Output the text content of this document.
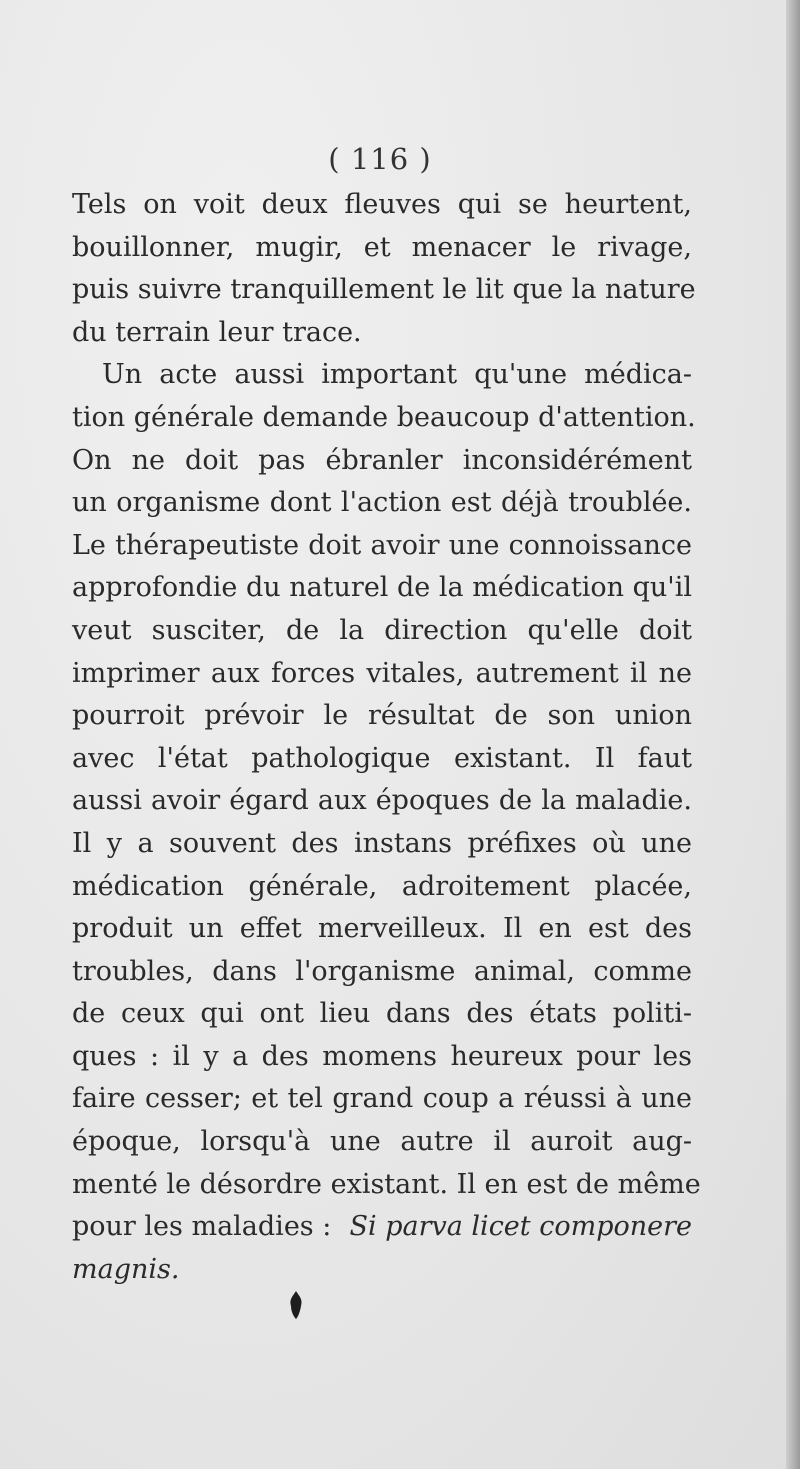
( 116 )
Tels on voit deux fleuves qui se heurtent,
bouillonner, mugir, et menacer le rivage,
puis suivre tranquillement le lit que la nature
du terrain leur trace.
Un acte aussi important qu'une médica-
tion générale demande beaucoup d'attention.
On ne doit pas ébranler inconsidérément
un organisme dont l'action est déjà troublée.
Le thérapeutiste doit avoir une connoissance
approfondie du naturel de la médication qu'il
veut susciter, de la direction qu'elle doit
imprimer aux forces vitales, autrement il ne
pourroit prévoir le résultat de son union
avec l'état pathologique existant. Il faut
aussi avoir égard aux époques de la maladie.
Il y a souvent des instans préfixes où une
médication générale, adroitement placée,
produit un effet merveilleux. Il en est des
troubles, dans l'organisme animal, comme
de ceux qui ont lieu dans des états politi-
ques : il y a des momens heureux pour les
faire cesser; et tel grand coup a réussi à une
époque, lorsqu'à une autre il auroit aug-
menté le désordre existant. Il en est de même
pour les maladies : Si parva licet componere
magnis.
